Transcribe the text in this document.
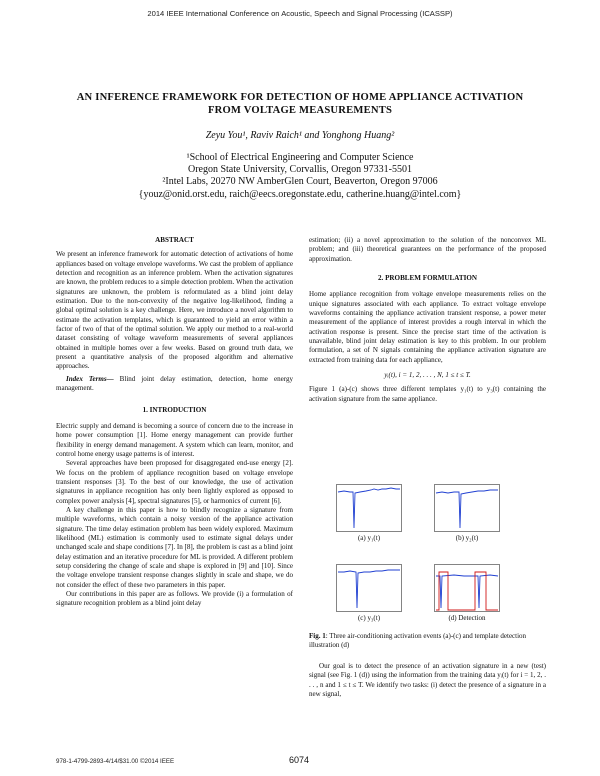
2014 IEEE International Conference on Acoustic, Speech and Signal Processing (ICASSP)
AN INFERENCE FRAMEWORK FOR DETECTION OF HOME APPLIANCE ACTIVATION
FROM VOLTAGE MEASUREMENTS
Zeyu You¹, Raviv Raich¹ and Yonghong Huang²
¹School of Electrical Engineering and Computer Science
Oregon State University, Corvallis, Oregon 97331-5501
²Intel Labs, 20270 NW AmberGlen Court, Beaverton, Oregon 97006
{youz@onid.orst.edu, raich@eecs.oregonstate.edu, catherine.huang@intel.com}
ABSTRACT

We present an inference framework for automatic detection of activations of home appliances based on voltage envelope waveforms. We cast the problem of appliance detection and recognition as an inference problem. When the activation signatures are known, the problem reduces to a simple detection problem. When the activation signatures are unknown, the problem is reformulated as a blind joint delay estimation. Due to the non-convexity of the negative log-likelihood, finding a global optimal solution is a key challenge. Here, we introduce a novel algorithm to estimate the activation templates, which is guaranteed to yield an error within a factor of two of that of the optimal solution. We apply our method to a real-world dataset consisting of voltage waveform measurements of several appliances obtained in multiple homes over a few weeks. Based on ground truth data, we present a quantitative analysis of the proposed algorithm and alternative approaches.

Index Terms— Blind joint delay estimation, detection, home energy management.

1. INTRODUCTION

Electric supply and demand is becoming a source of concern due to the increase in home power consumption [1]. Home energy management can provide further flexibility in energy demand management. A system which can learn, monitor, and control home energy usage patterns is of interest.

Several approaches have been proposed for disaggregated end-use energy [2]. We focus on the problem of appliance recognition based on voltage envelope transient responses [3]. To the best of our knowledge, the use of activation signatures in appliance recognition has only been lightly explored as opposed to complex power analysis [4], spectral signatures [5], or harmonics of current [6].

A key challenge in this paper is how to blindly recognize a signature from multiple waveforms, which contain a noisy version of the appliance activation signature. The time delay estimation problem has been widely explored. Maximum likelihood (ML) estimation is commonly used to estimate signal delays under unchanged scale and shape conditions [7]. In [8], the problem is cast as a blind joint delay estimation and an iterative procedure for ML is provided. A different problem setup considering the change of scale and shape is explored in [9] and [10]. Since the voltage envelope transient response changes slightly in scale and shape, we do not consider the effect of these two parameters in this paper.

Our contributions in this paper are as follows. We provide (i) a formulation of signature recognition problem as a blind joint delay

estimation; (ii) a novel approximation to the solution of the nonconvex ML problem; and (iii) theoretical guarantees on the performance of the proposed approximation.

2. PROBLEM FORMULATION

Home appliance recognition from voltage envelope measurements relies on the unique signatures associated with each appliance. To extract voltage envelope waveforms containing the appliance activation transient response, a power meter measurement of the appliance of interest provides a rough interval in which the activation response is present. Since the precise start time of the activation is unavailable, blind joint delay estimation is key to this problem. In our problem formulation, a set of N signals containing the appliance activation signature are extracted from training data for each appliance,

yᵢ(t), i = 1, 2, . . . , N, 1 ≤ t ≤ T.

Figure 1 (a)-(c) shows three different templates y₁(t) to y₃(t) containing the activation signature from the same appliance.

(a) y₁(t)	(b) y₂(t)
(c) y₃(t)	(d) Detection
Fig. 1: Three air-conditioning activation events (a)-(c) and template detection illustration (d)

Our goal is to detect the presence of an activation signature in a new (test) signal (see Fig. 1 (d)) using the information from the training data yᵢ(t) for i = 1, 2, . . . , n and 1 ≤ t ≤ T. We identify two tasks: (i) detect the presence of a signature in a new signal,

978-1-4799-2893-4/14/$31.00 ©2014 IEEE	6074
